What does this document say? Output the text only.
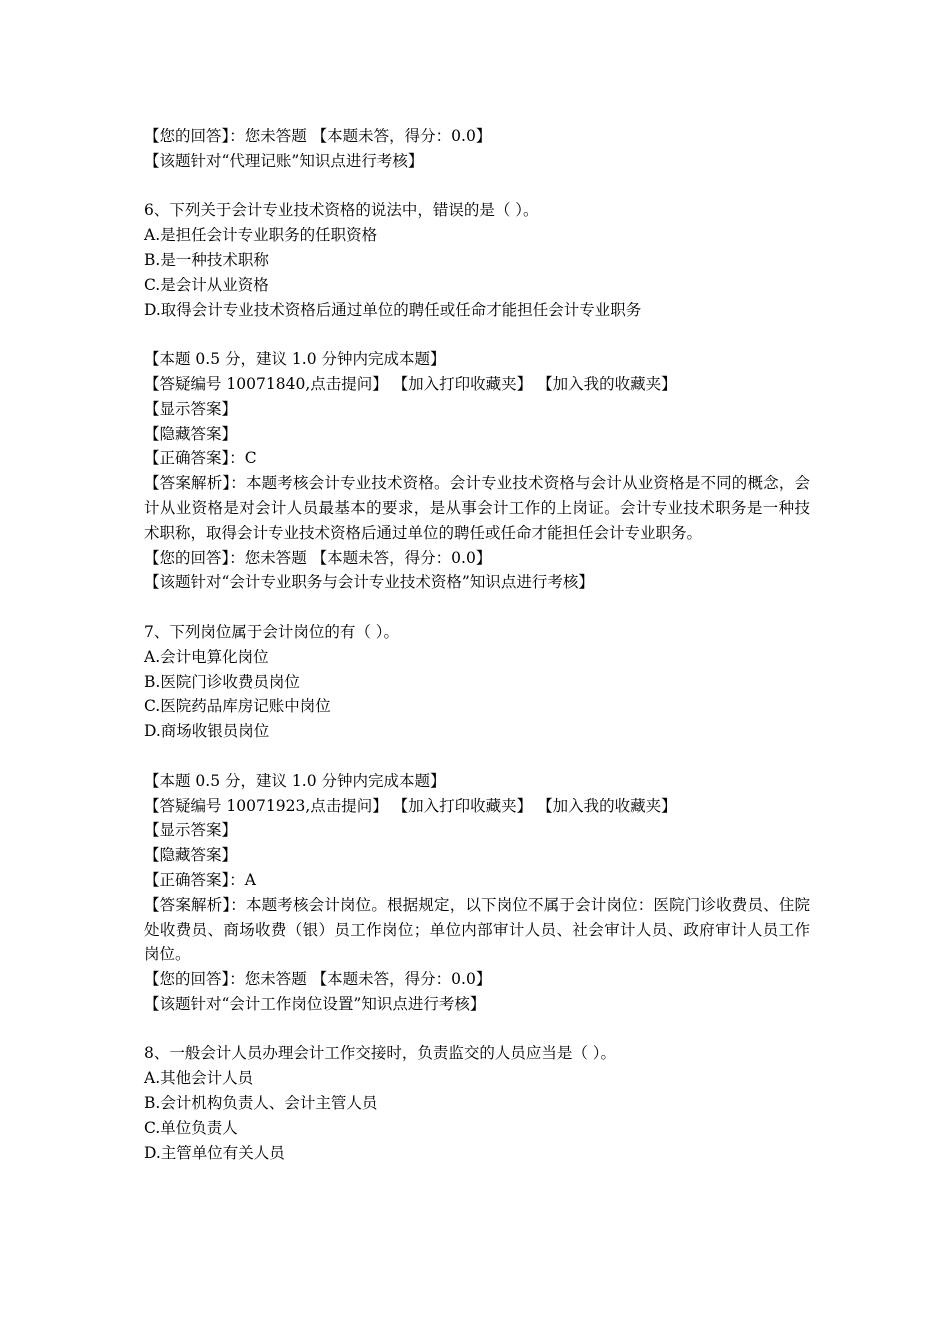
【您的回答】：您未答题 【本题未答，得分：0.0】
【该题针对“代理记账”知识点进行考核】
6、下列关于会计专业技术资格的说法中，错误的是（ ）。
A.是担任会计专业职务的任职资格
B.是一种技术职称
C.是会计从业资格
D.取得会计专业技术资格后通过单位的聘任或任命才能担任会计专业职务
【本题 0.5 分，建议 1.0 分钟内完成本题】
【答疑编号 10071840,点击提问】 【加入打印收藏夹】 【加入我的收藏夹】
【显示答案】
【隐藏答案】
【正确答案】：C
【答案解析】：本题考核会计专业技术资格。会计专业技术资格与会计从业资格是不同的概念，会计从业资格是对会计人员最基本的要求，是从事会计工作的上岗证。会计专业技术职务是一种技术职称，取得会计专业技术资格后通过单位的聘任或任命才能担任会计专业职务。
【您的回答】：您未答题 【本题未答，得分：0.0】
【该题针对“会计专业职务与会计专业技术资格”知识点进行考核】
7、下列岗位属于会计岗位的有（ ）。
A.会计电算化岗位
B.医院门诊收费员岗位
C.医院药品库房记账中岗位
D.商场收银员岗位
【本题 0.5 分，建议 1.0 分钟内完成本题】
【答疑编号 10071923,点击提问】 【加入打印收藏夹】 【加入我的收藏夹】
【显示答案】
【隐藏答案】
【正确答案】：A
【答案解析】：本题考核会计岗位。根据规定，以下岗位不属于会计岗位：医院门诊收费员、住院处收费员、商场收费（银）员工作岗位；单位内部审计人员、社会审计人员、政府审计人员工作岗位。
【您的回答】：您未答题 【本题未答，得分：0.0】
【该题针对“会计工作岗位设置”知识点进行考核】
8、一般会计人员办理会计工作交接时，负责监交的人员应当是（ ）。
A.其他会计人员
B.会计机构负责人、会计主管人员
C.单位负责人
D.主管单位有关人员
